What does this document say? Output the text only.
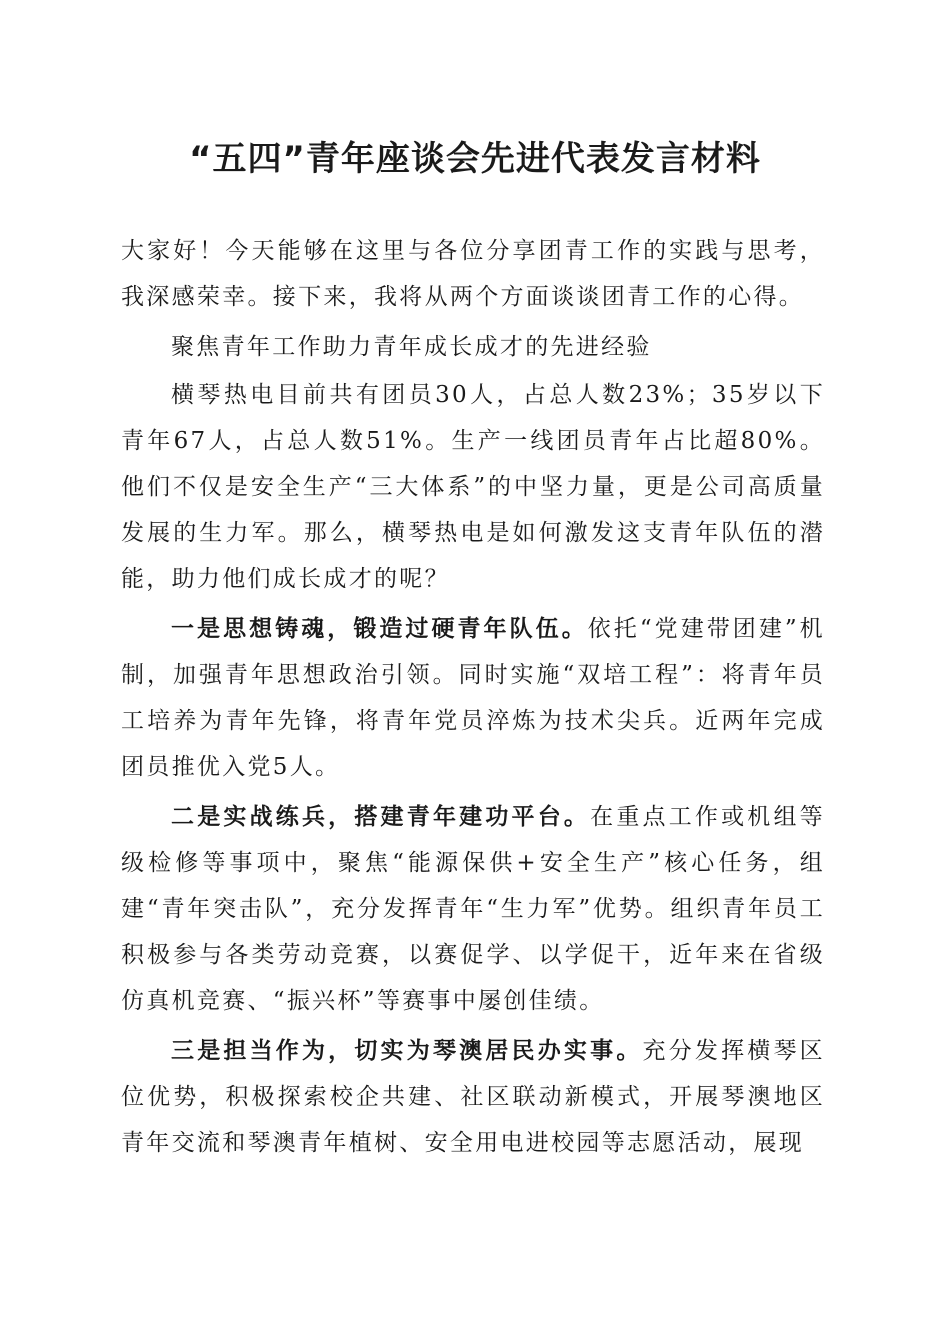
“五四”青年座谈会先进代表发言材料

大家好！今天能够在这里与各位分享团青工作的实践与思考，我深感荣幸。接下来，我将从两个方面谈谈团青工作的心得。

聚焦青年工作助力青年成长成才的先进经验

横琴热电目前共有团员30人，占总人数23%；35岁以下青年67人，占总人数51%。生产一线团员青年占比超80%。他们不仅是安全生产“三大体系”的中坚力量，更是公司高质量发展的生力军。那么，横琴热电是如何激发这支青年队伍的潜能，助力他们成长成才的呢？

一是思想铸魂，锻造过硬青年队伍。依托“党建带团建”机制，加强青年思想政治引领。同时实施“双培工程”：将青年员工培养为青年先锋，将青年党员淬炼为技术尖兵。近两年完成团员推优入党5人。

二是实战练兵，搭建青年建功平台。在重点工作或机组等级检修等事项中，聚焦“能源保供+安全生产”核心任务，组建“青年突击队”，充分发挥青年“生力军”优势。组织青年员工积极参与各类劳动竞赛，以赛促学、以学促干，近年来在省级仿真机竞赛、“振兴杯”等赛事中屡创佳绩。

三是担当作为，切实为琴澳居民办实事。充分发挥横琴区位优势，积极探索校企共建、社区联动新模式，开展琴澳地区青年交流和琴澳青年植树、安全用电进校园等志愿活动，展现
